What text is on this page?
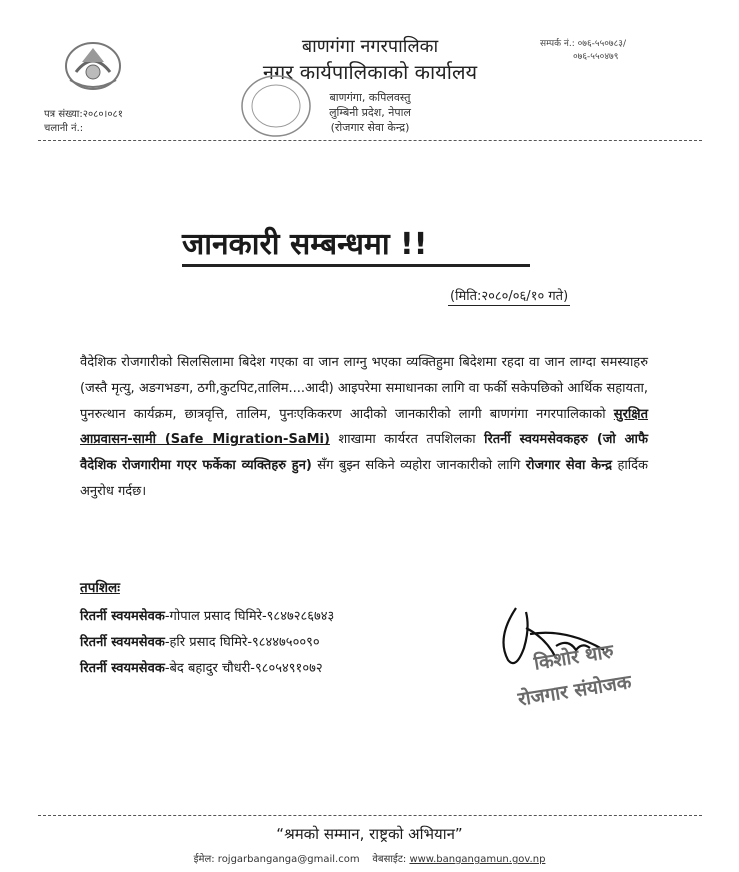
बाणगंगा नगरपालिका
नगर कार्यपालिकाको कार्यालय
बाणगंगा, कपिलवस्तु
लुम्बिनी प्रदेश, नेपाल
(रोजगार सेवा केन्द्र)
सम्पर्क नं.: ०७६-५५०७८३/
०७६-५५०४७९
पत्र संख्या:२०८०।०८१
चलानी नं.:
जानकारी सम्बन्धमा !!
(मिति:२०८०/०६/१० गते)
वैदेशिक रोजगारीको सिलसिलामा बिदेश गएका वा जान लाग्नु भएका व्यक्तिहुमा बिदेशमा रहदा वा जान लाग्दा समस्याहरु (जस्तै मृत्यु, अङगभङग, ठगी,कुटपिट,तालिम....आदी) आइपरेमा समाधानका लागि वा फर्की सकेपछिको आर्थिक सहायता, पुनरुत्थान कार्यक्रम, छात्रवृत्ति, तालिम, पुनःएकिकरण आदीको जानकारीको लागी बाणगंगा नगरपालिकाको सुरक्षित आप्रवासन-सामी (Safe Migration-SaMi) शाखामा कार्यरत तपशिलका रितर्नी स्वयमसेवकहरु (जो आफै वैदेशिक रोजगारीमा गएर फर्केका व्यक्तिहरु हुन) सँग बुझ्न सकिने व्यहोरा जानकारीको लागि रोजगार सेवा केन्द्र हार्दिक अनुरोध गर्दछ।
तपशिलः
रितर्नी स्वयमसेवक-गोपाल प्रसाद घिमिरे-९८४७२८६७४३
रितर्नी स्वयमसेवक-हरि प्रसाद घिमिरे-९८४४७५००९०
रितर्नी स्वयमसेवक-बेद बहादुर चौधरी-९८०५४९१०७२	किशोर थारु
रोजगार संयोजक
“श्रमको सम्मान, राष्ट्रको अभियान”
ईमेल: rojgarbanganga@gmail.com वेबसाईट: www.bangangamun.gov.np
